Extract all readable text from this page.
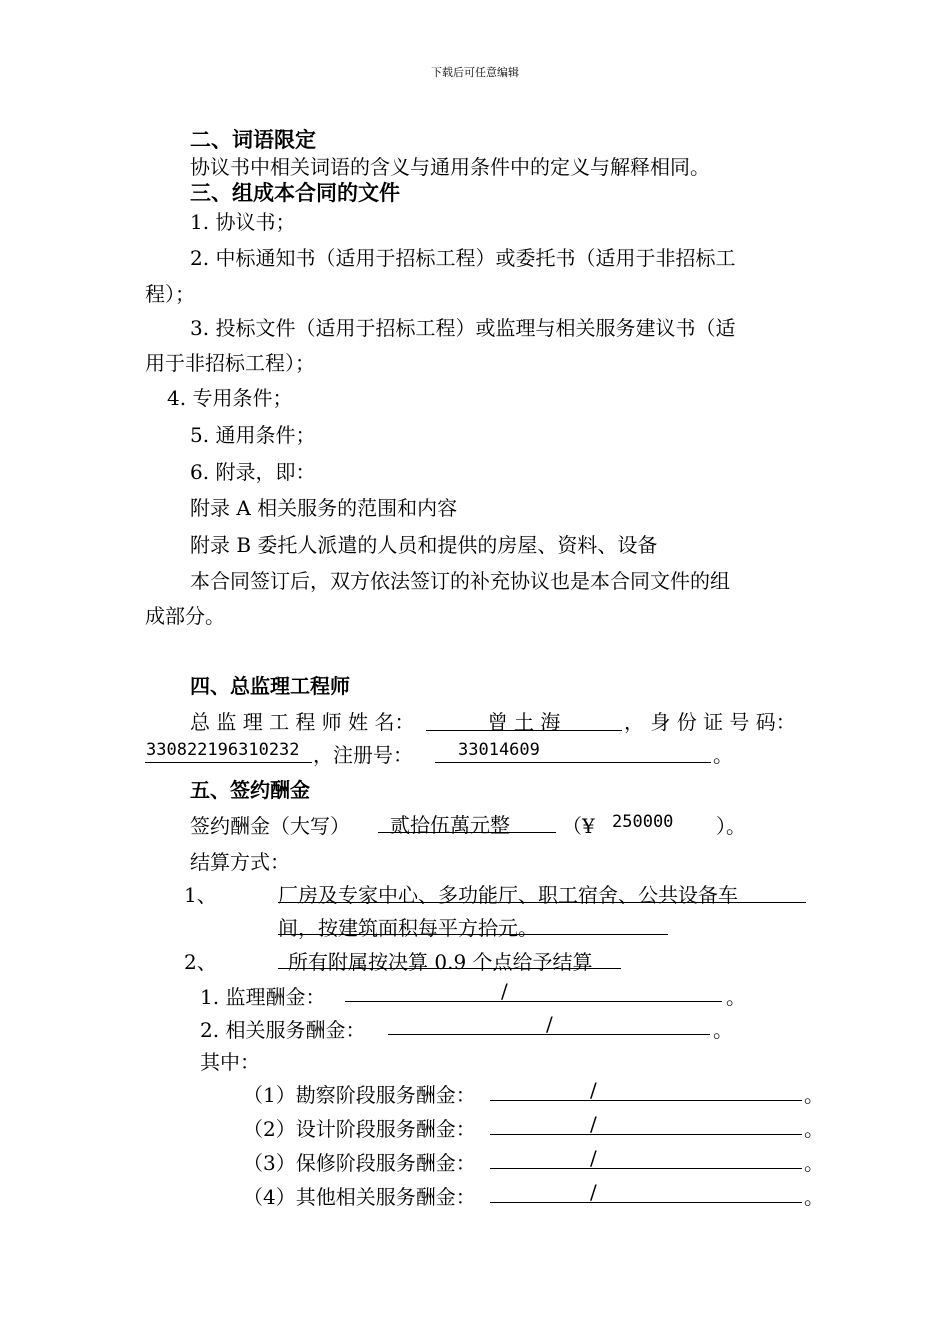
下载后可任意编辑
二、词语限定
协议书中相关词语的含义与通用条件中的定义与解释相同。
三、组成本合同的文件
1. 协议书；
2. 中标通知书（适用于招标工程）或委托书（适用于非招标工
程）；
3. 投标文件（适用于招标工程）或监理与相关服务建议书（适
用于非招标工程）；
4. 专用条件；
5. 通用条件；
6. 附录，即：
附录 A 相关服务的范围和内容
附录 B 委托人派遣的人员和提供的房屋、资料、设备
本合同签订后，双方依法签订的补充协议也是本合同文件的组
成部分。
四、总监理工程师
总 监 理 工 程 师 姓 名：	曾 土 海	， 身 份 证 号 码：
330822196310232 ，注册号：	33014609	。
五、签约酬金
签约酬金（大写） 贰拾伍萬元整	（¥ 250000 ）。
结算方式：
1、	厂房及专家中心、多功能厅、职工宿舍、公共设备车
间，按建筑面积每平方拾元。
2、	所有附属按决算 0.9 个点给予结算
1. 监理酬金：	/	。
2. 相关服务酬金：	/	。
其中：
（1）勘察阶段服务酬金：	/	。
（2）设计阶段服务酬金：	/	。
（3）保修阶段服务酬金：	/	。
（4）其他相关服务酬金：	/	。
